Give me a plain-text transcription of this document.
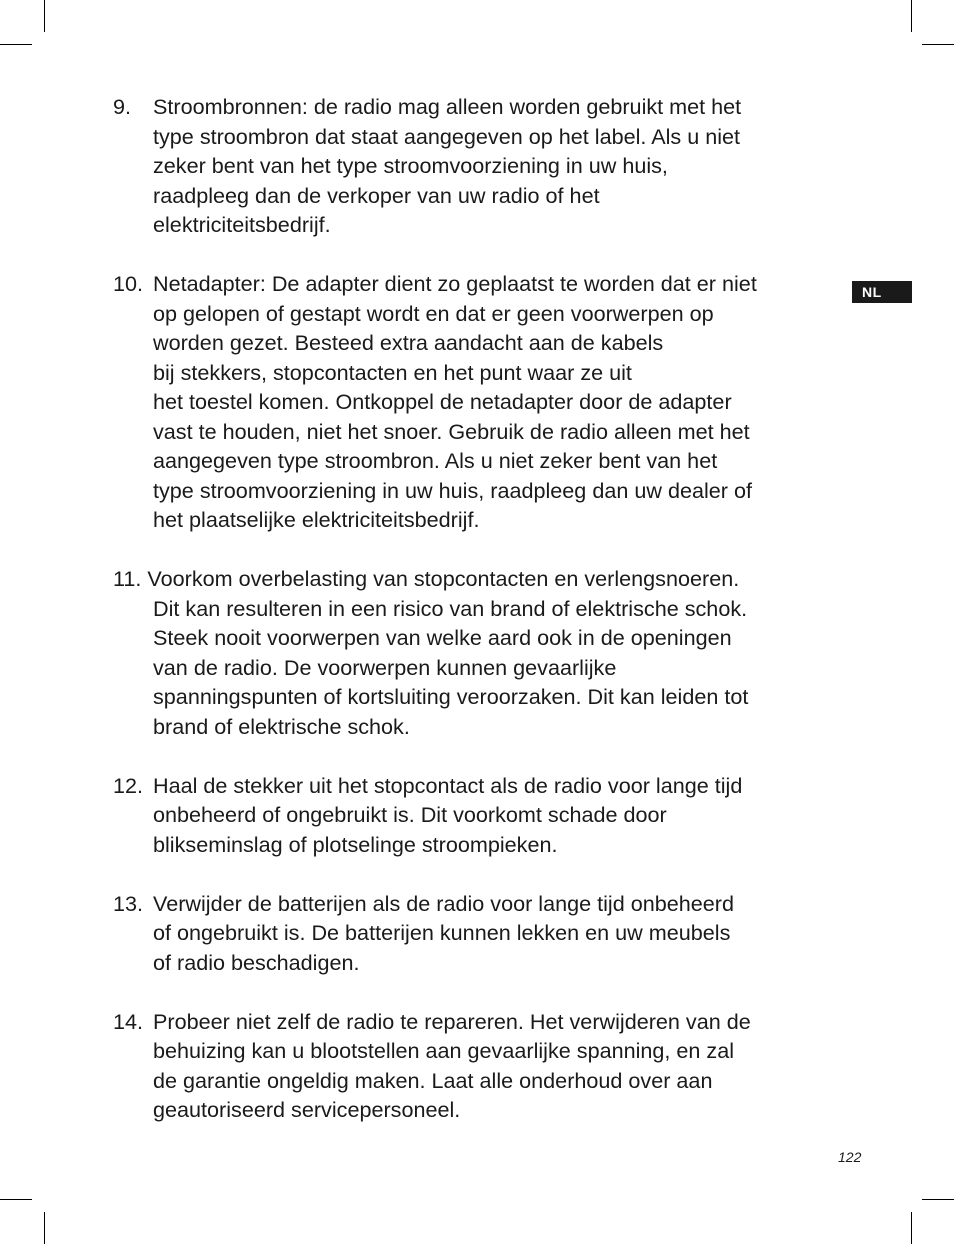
NL
9. Stroombronnen: de radio mag alleen worden gebruikt met het
type stroombron dat staat aangegeven op het label. Als u niet
zeker bent van het type stroomvoorziening in uw huis,
raadpleeg dan de verkoper van uw radio of het
elektriciteitsbedrijf.
10. Netadapter: De adapter dient zo geplaatst te worden dat er niet
op gelopen of gestapt wordt en dat er geen voorwerpen op
worden gezet. Besteed extra aandacht aan de kabels
bij stekkers, stopcontacten en het punt waar ze uit
het toestel komen. Ontkoppel de netadapter door de adapter
vast te houden, niet het snoer. Gebruik de radio alleen met het
aangegeven type stroombron. Als u niet zeker bent van het
type stroomvoorziening in uw huis, raadpleeg dan uw dealer of
het plaatselijke elektriciteitsbedrijf.
11. Voorkom overbelasting van stopcontacten en verlengsnoeren.
Dit kan resulteren in een risico van brand of elektrische schok.
Steek nooit voorwerpen van welke aard ook in de openingen
van de radio. De voorwerpen kunnen gevaarlijke
spanningspunten of kortsluiting veroorzaken. Dit kan leiden tot
brand of elektrische schok.
12. Haal de stekker uit het stopcontact als de radio voor lange tijd
onbeheerd of ongebruikt is. Dit voorkomt schade door
blikseminslag of plotselinge stroompieken.
13. Verwijder de batterijen als de radio voor lange tijd onbeheerd
of ongebruikt is. De batterijen kunnen lekken en uw meubels
of radio beschadigen.
14. Probeer niet zelf de radio te repareren. Het verwijderen van de
behuizing kan u blootstellen aan gevaarlijke spanning, en zal
de garantie ongeldig maken. Laat alle onderhoud over aan
geautoriseerd servicepersoneel.
122
